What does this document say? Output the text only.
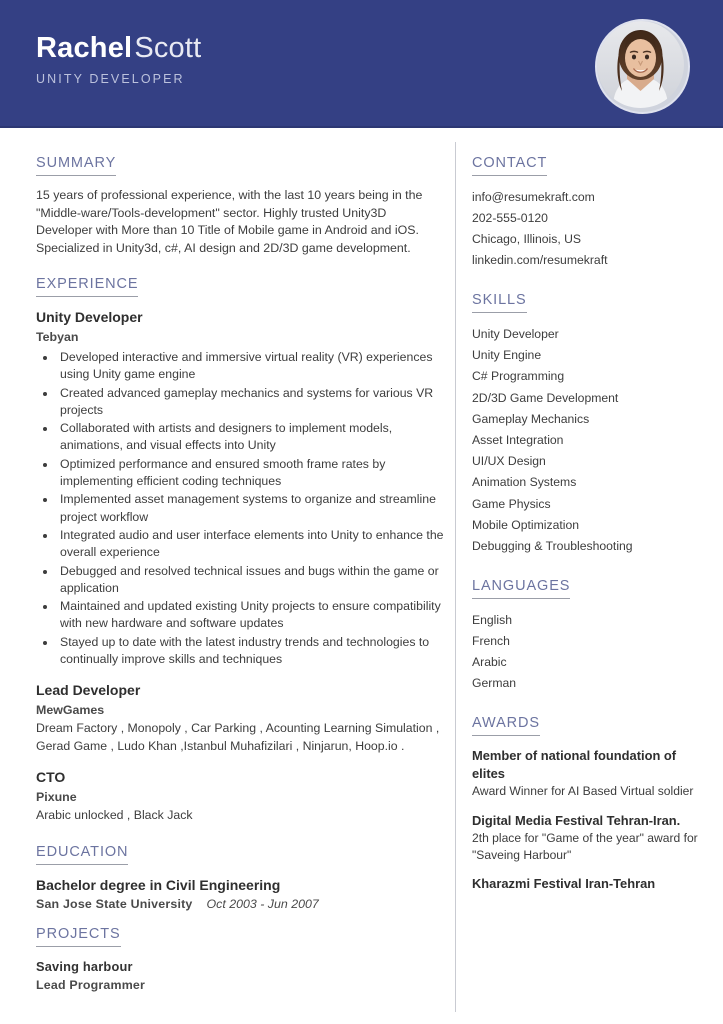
RachelScott
UNITY DEVELOPER
SUMMARY
15 years of professional experience, with the last 10 years being in the "Middle-ware/Tools-development" sector. Highly trusted Unity3D Developer with More than 10 Title of Mobile game in Android and iOS. Specialized in Unity3d, c#, AI design and 2D/3D game development.
EXPERIENCE
Unity Developer
Tebyan
• Developed interactive and immersive virtual reality (VR) experiences using Unity game engine
• Created advanced gameplay mechanics and systems for various VR projects
• Collaborated with artists and designers to implement models, animations, and visual effects into Unity
• Optimized performance and ensured smooth frame rates by implementing efficient coding techniques
• Implemented asset management systems to organize and streamline project workflow
• Integrated audio and user interface elements into Unity to enhance the overall experience
• Debugged and resolved technical issues and bugs within the game or application
• Maintained and updated existing Unity projects to ensure compatibility with new hardware and software updates
• Stayed up to date with the latest industry trends and technologies to continually improve skills and techniques
Lead Developer
MewGames
Dream Factory , Monopoly , Car Parking , Acounting Learning Simulation , Gerad Game , Ludo Khan ,Istanbul Muhafizilari , Ninjarun, Hoop.io .
CTO
Pixune
Arabic unlocked , Black Jack
EDUCATION
Bachelor degree in Civil Engineering
San Jose State University Oct 2003 - Jun 2007
PROJECTS
Saving harbour
Lead Programmer
CONTACT
info@resumekraft.com
202-555-0120
Chicago, Illinois, US
linkedin.com/resumekraft
SKILLS
Unity Developer
Unity Engine
C# Programming
2D/3D Game Development
Gameplay Mechanics
Asset Integration
UI/UX Design
Animation Systems
Game Physics
Mobile Optimization
Debugging & Troubleshooting
LANGUAGES
English
French
Arabic
German
AWARDS
Member of national foundation of elites
Award Winner for AI Based Virtual soldier
Digital Media Festival Tehran-Iran.
2th place for "Game of the year" award for "Saveing Harbour"
Kharazmi Festival Iran-Tehran
